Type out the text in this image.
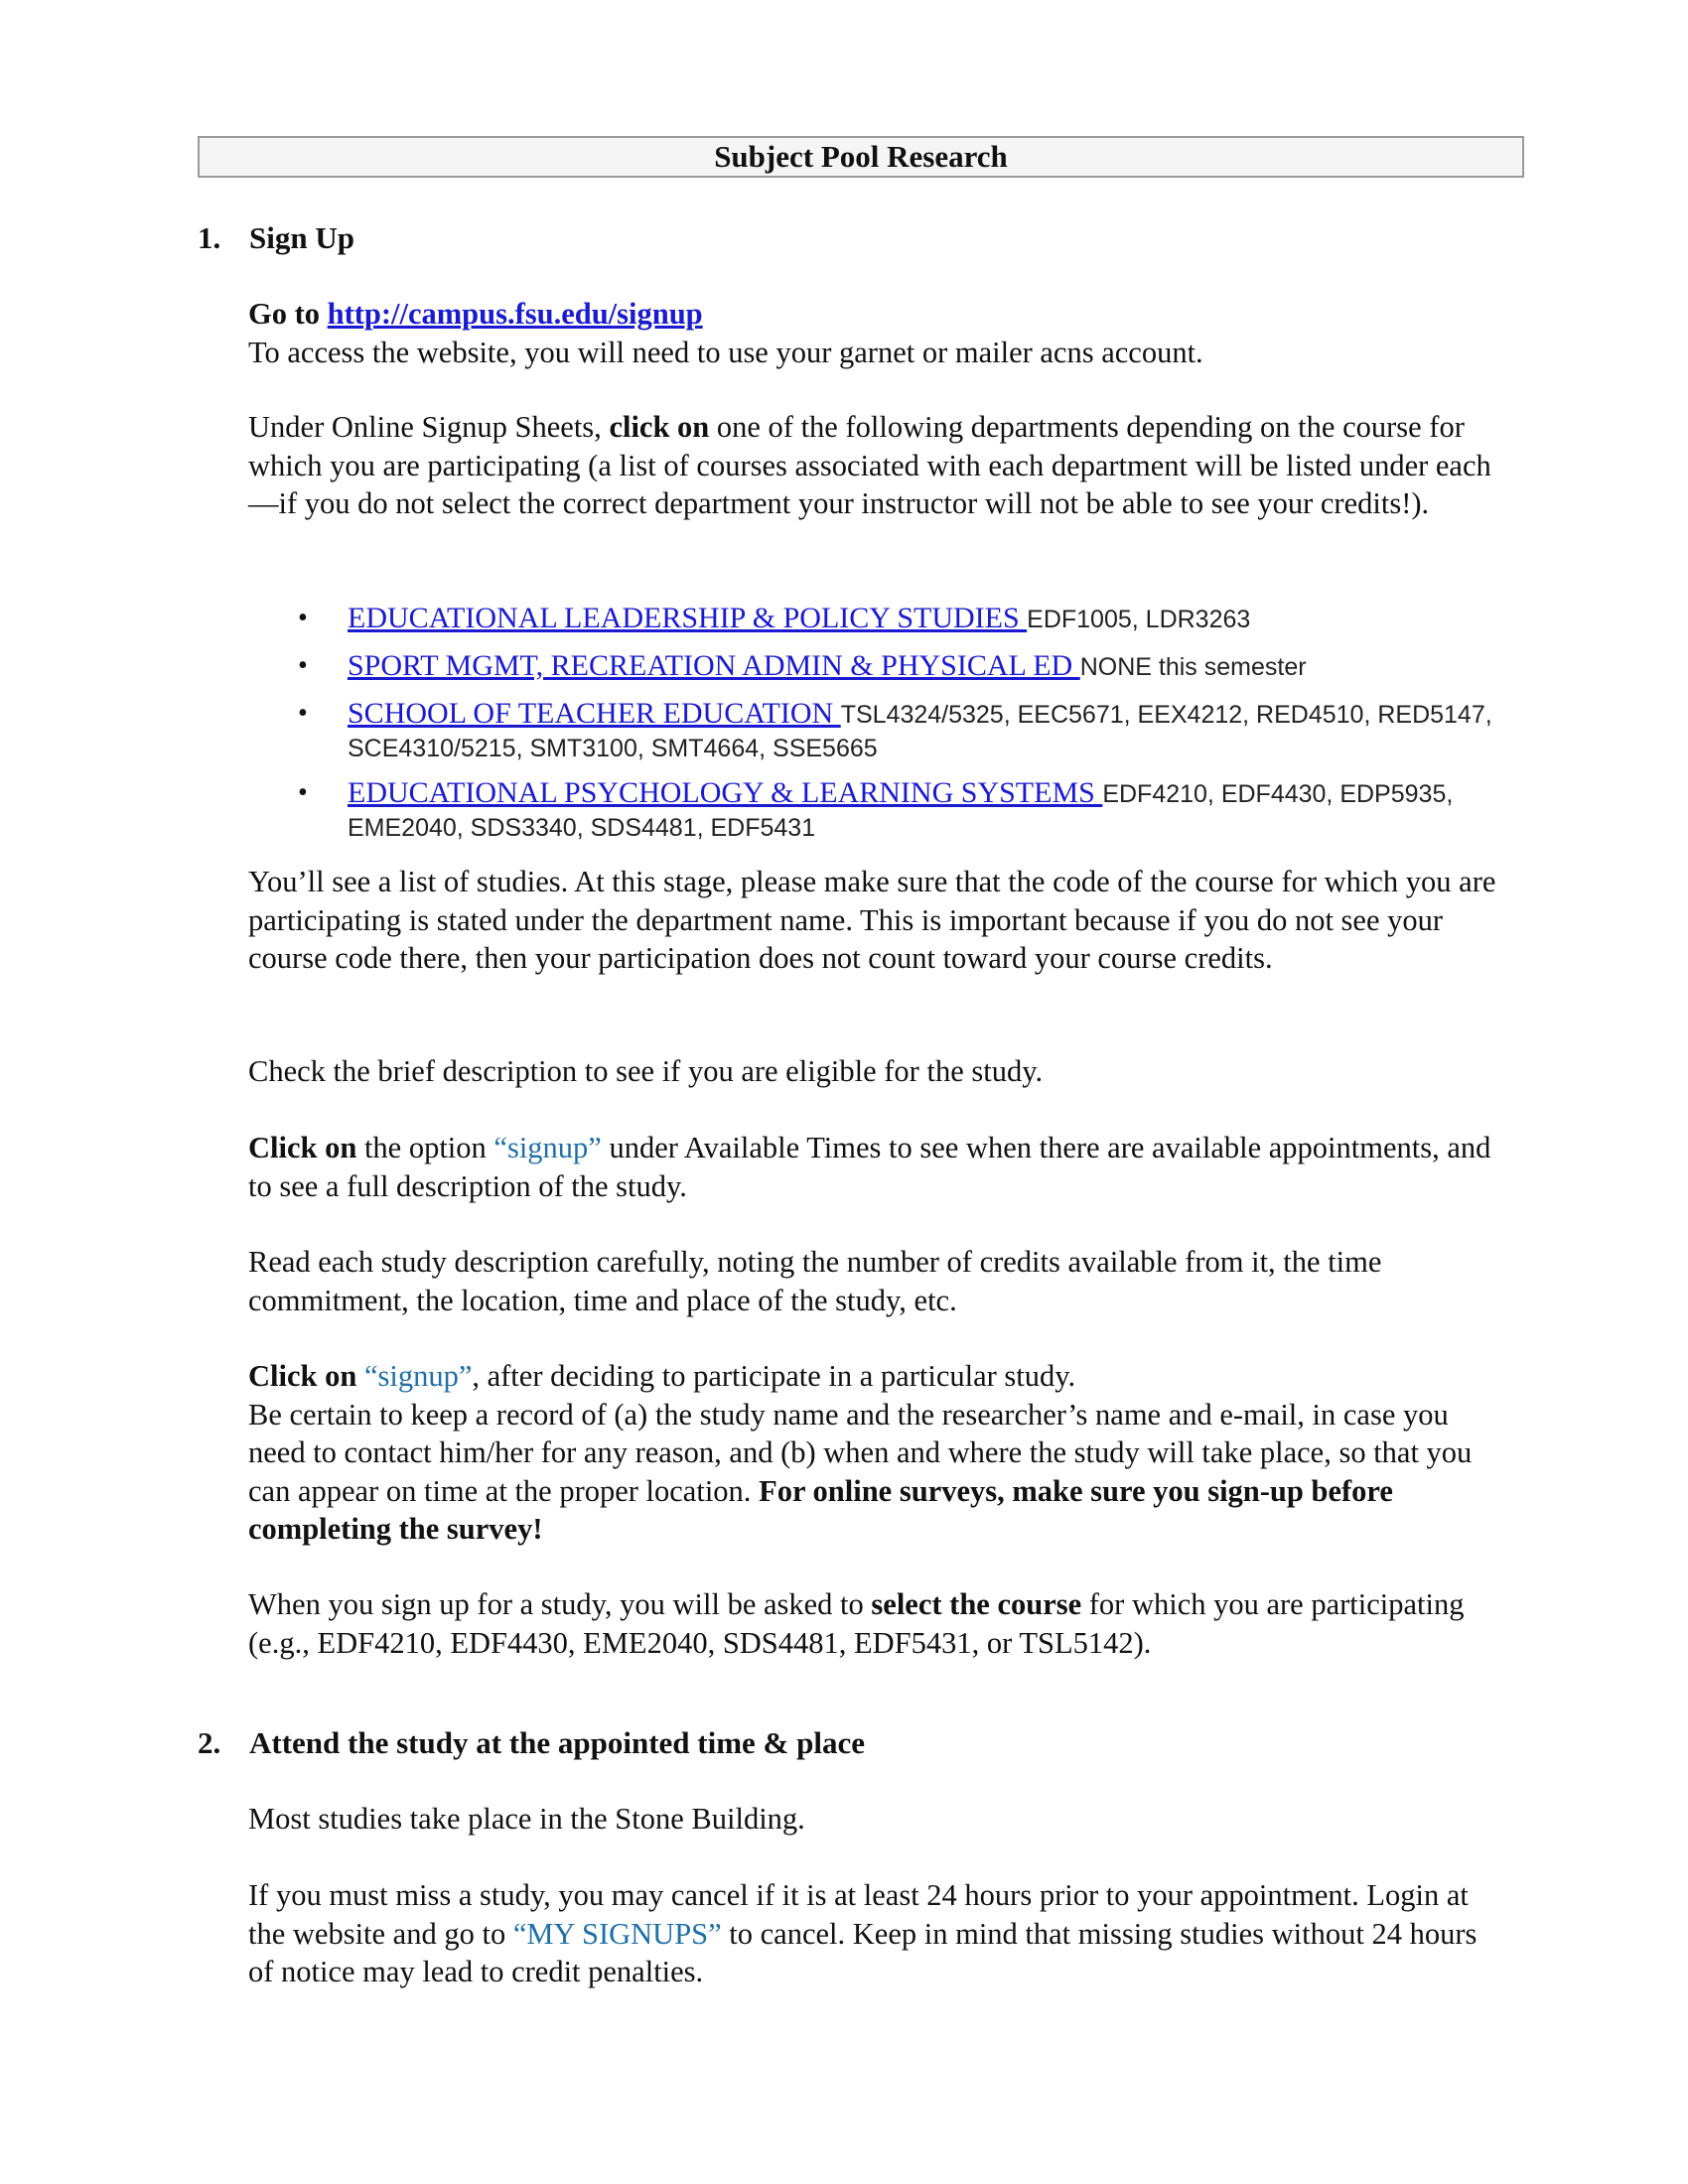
Subject Pool Research
1. Sign Up
Go to http://campus.fsu.edu/signup
To access the website, you will need to use your garnet or mailer acns account.
Under Online Signup Sheets, click on one of the following departments depending on the course for which you are participating (a list of courses associated with each department will be listed under each—if you do not select the correct department your instructor will not be able to see your credits!).
• EDUCATIONAL LEADERSHIP & POLICY STUDIES EDF1005, LDR3263
• SPORT MGMT, RECREATION ADMIN & PHYSICAL ED NONE this semester
• SCHOOL OF TEACHER EDUCATION TSL4324/5325, EEC5671, EEX4212, RED4510, RED5147, SCE4310/5215, SMT3100, SMT4664, SSE5665
• EDUCATIONAL PSYCHOLOGY & LEARNING SYSTEMS EDF4210, EDF4430, EDP5935, EME2040, SDS3340, SDS4481, EDF5431
You’ll see a list of studies. At this stage, please make sure that the code of the course for which you are participating is stated under the department name. This is important because if you do not see your course code there, then your participation does not count toward your course credits.
Check the brief description to see if you are eligible for the study.
Click on the option “signup” under Available Times to see when there are available appointments, and to see a full description of the study.
Read each study description carefully, noting the number of credits available from it, the time commitment, the location, time and place of the study, etc.
Click on “signup”, after deciding to participate in a particular study.
Be certain to keep a record of (a) the study name and the researcher’s name and e-mail, in case you need to contact him/her for any reason, and (b) when and where the study will take place, so that you can appear on time at the proper location. For online surveys, make sure you sign-up before completing the survey!
When you sign up for a study, you will be asked to select the course for which you are participating (e.g., EDF4210, EDF4430, EME2040, SDS4481, EDF5431, or TSL5142).
2. Attend the study at the appointed time & place
Most studies take place in the Stone Building.
If you must miss a study, you may cancel if it is at least 24 hours prior to your appointment. Login at the website and go to “MY SIGNUPS” to cancel. Keep in mind that missing studies without 24 hours of notice may lead to credit penalties.
